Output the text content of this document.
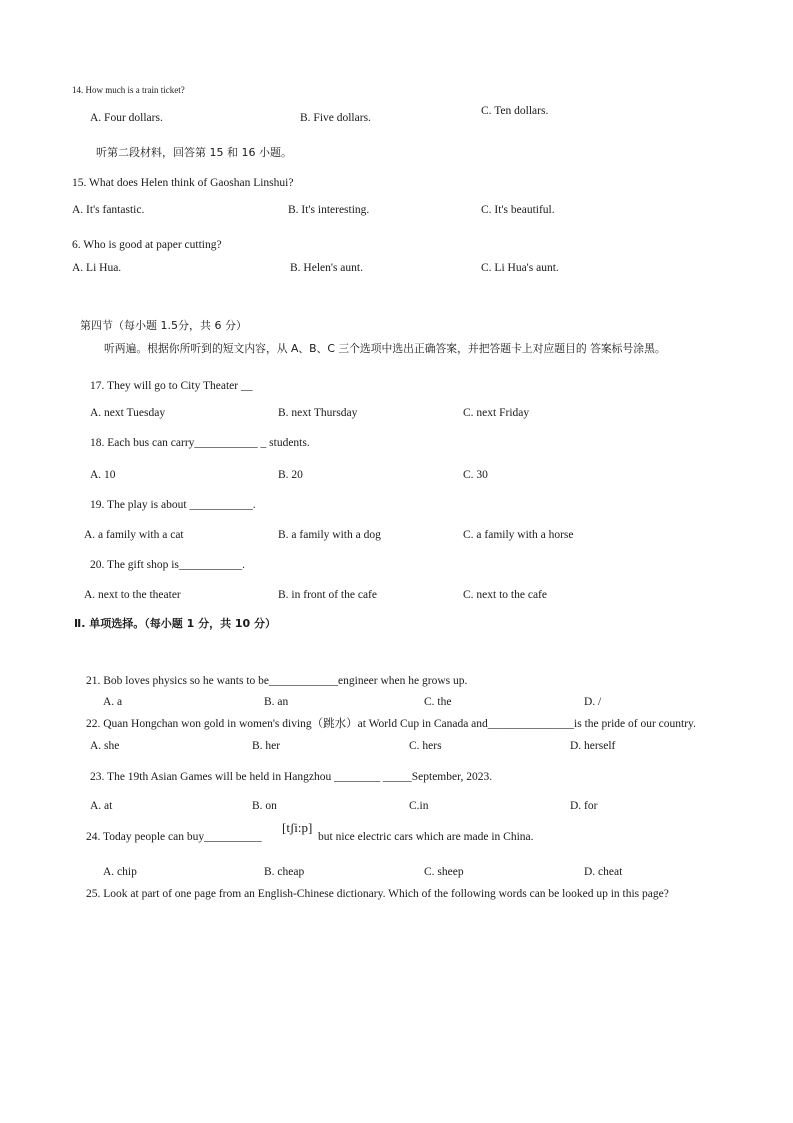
14. How much is a train ticket?
A. Four dollars.	B. Five dollars.
C. Ten dollars.
听第二段材料，回答第 15 和 16 小题。
15. What does Helen think of Gaoshan Linshui?
A. It's fantastic.	B. It's interesting.	C. It's beautiful.
6. Who is good at paper cutting?
A. Li Hua.	B. Helen's aunt.	C. Li Hua's aunt.
第四节（每小题 1.5分，共 6 分）
听两遍。根据你所听到的短文内容，从 A、B、C 三个选项中选出正确答案，并把答题卡上对应题目的 答案标号涂黑。
17. They will go to City Theater __
A. next Tuesday	B. next Thursday	C. next Friday
18. Each bus can carry___________ _ students.
A. 10	B. 20	C. 30
19. The play is about ___________.
A. a family with a cat	B. a family with a dog	C. a family with a horse
20. The gift shop is___________.
A. next to the theater	B. in front of the cafe	C. next to the cafe
Ⅱ. 单项选择。（每小题 1 分，共 10 分）
21. Bob loves physics so he wants to be____________engineer when he grows up.
A. a	B. an	C. the	D. /
22. Quan Hongchan won gold in women's diving（跳水）at World Cup in Canada and_______________is the pride of our country.
A. she	B. her	C. hers	D. herself
23. The 19th Asian Games will be held in Hangzhou ________ _____September, 2023.
A. at	B. on	C.in	D. for
24. Today people can buy__________
[tʃi:p]
but nice electric cars which are made in China.
A. chip	B. cheap	C. sheep	D. cheat
25. Look at part of one page from an English-Chinese dictionary. Which of the following words can be looked up in this page?
